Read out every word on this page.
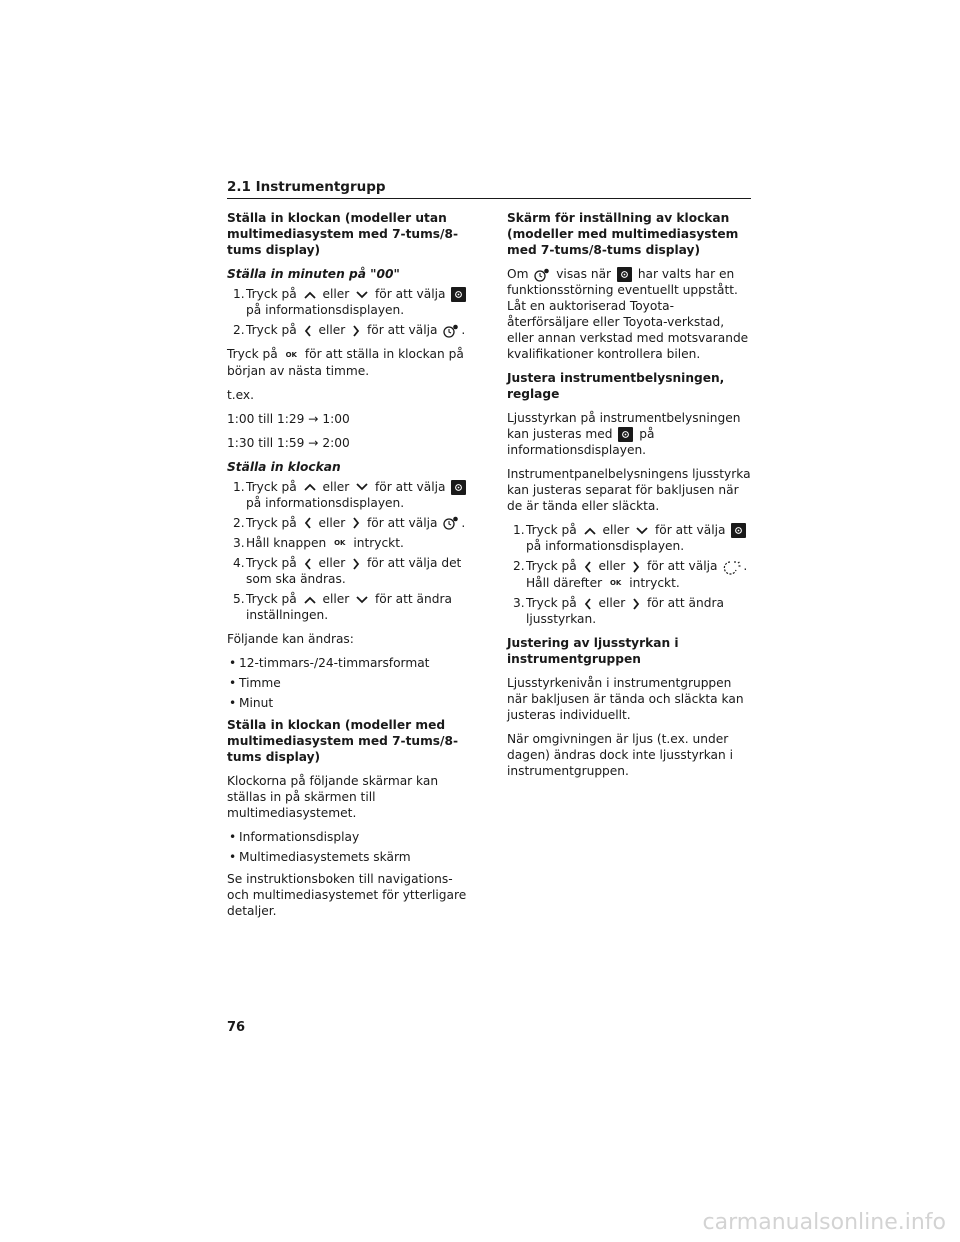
2.1 Instrumentgrupp
Ställa in klockan (modeller utan multimediasystem med 7-tums/8-tums display)
Ställa in minuten på "00"
1. Tryck på eller för att välja
på informationsdisplayen.
2. Tryck på eller för att välja .

Tryck på OK för att ställa in klockan på början av nästa timme.

t.ex.

1:00 till 1:29 → 1:00

1:30 till 1:59 → 2:00

Ställa in klockan
1. Tryck på eller för att välja
på informationsdisplayen.
2. Tryck på eller för att välja .
3. Håll knappen OK intryckt.
4. Tryck på eller för att välja det som ska ändras.
5. Tryck på eller för att ändra inställningen.

Följande kan ändras:

• 12-timmars-/24-timmarsformat
• Timme
• Minut
Ställa in klockan (modeller med multimediasystem med 7-tums/8-tums display)

Klockorna på följande skärmar kan ställas in på skärmen till multimediasystemet.

• Informationsdisplay
• Multimediasystemets skärm

Se instruktionsboken till navigations- och multimediasystemet för ytterligare detaljer.

Skärm för inställning av klockan (modeller med multimediasystem med 7-tums/8-tums display)

Om visas när har valts har en funktionsstörning eventuellt uppstått. Låt en auktoriserad Toyota-återförsäljare eller Toyota-verkstad, eller annan verkstad med motsvarande kvalifikationer kontrollera bilen.

Justera instrumentbelysningen, reglage

Ljusstyrkan på instrumentbelysningen kan justeras med på informationsdisplayen.

Instrumentpanelbelysningens ljusstyrka kan justeras separat för bakljusen när de är tända eller släckta.

1. Tryck på eller för att välja
på informationsdisplayen.
2. Tryck på eller för att välja .
Håll därefter OK intryckt.
3. Tryck på eller för att ändra ljusstyrkan.
Justering av ljusstyrkan i instrumentgruppen

Ljusstyrkenivån i instrumentgruppen när bakljusen är tända och släckta kan justeras individuellt.

När omgivningen är ljus (t.ex. under dagen) ändras dock inte ljusstyrkan i instrumentgruppen.

76
carmanualsonline.info
